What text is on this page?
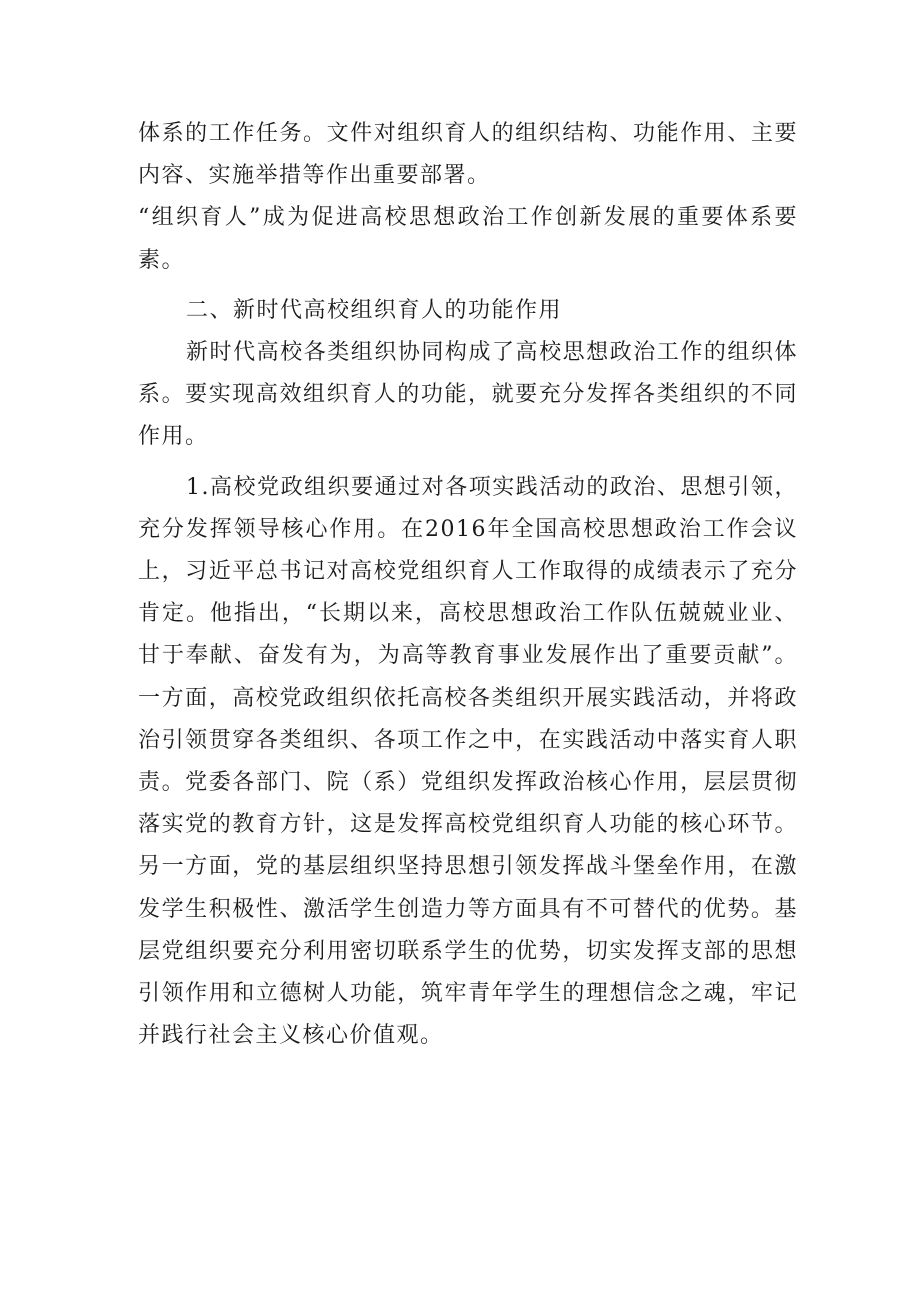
体系的工作任务。文件对组织育人的组织结构、功能作用、主要内容、实施举措等作出重要部署。

“组织育人”成为促进高校思想政治工作创新发展的重要体系要素。

二、新时代高校组织育人的功能作用

新时代高校各类组织协同构成了高校思想政治工作的组织体系。要实现高效组织育人的功能，就要充分发挥各类组织的不同作用。

1.高校党政组织要通过对各项实践活动的政治、思想引领，充分发挥领导核心作用。在2016年全国高校思想政治工作会议上，习近平总书记对高校党组织育人工作取得的成绩表示了充分肯定。他指出，“长期以来，高校思想政治工作队伍兢兢业业、甘于奉献、奋发有为，为高等教育事业发展作出了重要贡献”。一方面，高校党政组织依托高校各类组织开展实践活动，并将政治引领贯穿各类组织、各项工作之中，在实践活动中落实育人职责。党委各部门、院（系）党组织发挥政治核心作用，层层贯彻落实党的教育方针，这是发挥高校党组织育人功能的核心环节。另一方面，党的基层组织坚持思想引领发挥战斗堡垒作用，在激发学生积极性、激活学生创造力等方面具有不可替代的优势。基层党组织要充分利用密切联系学生的优势，切实发挥支部的思想引领作用和立德树人功能，筑牢青年学生的理想信念之魂，牢记并践行社会主义核心价值观。
